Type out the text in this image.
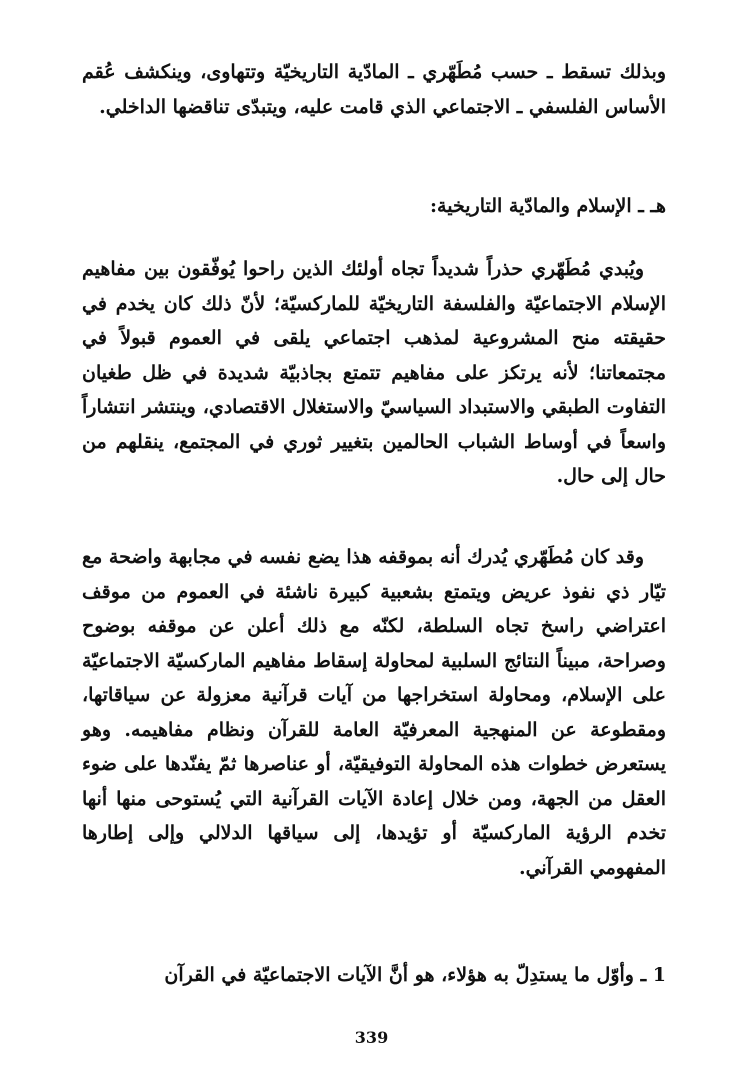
وبذلك تسقط ـ حسب مُطَهّري ـ المادّية التاريخيّة وتتهاوى، وينكشف عُقم الأساس الفلسفي ـ الاجتماعي الذي قامت عليه، ويتبدّى تناقضها الداخلي.

هـ ـ الإسلام والمادّية التاريخية:

ويُبدي مُطَهّري حذراً شديداً تجاه أولئك الذين راحوا يُوفّقون بين مفاهيم الإسلام الاجتماعيّة والفلسفة التاريخيّة للماركسيّة؛ لأنّ ذلك كان يخدم في حقيقته منح المشروعية لمذهب اجتماعي يلقى في العموم قبولاً في مجتمعاتنا؛ لأنه يرتكز على مفاهيم تتمتع بجاذبيّة شديدة في ظل طغيان التفاوت الطبقي والاستبداد السياسيّ والاستغلال الاقتصادي، وينتشر انتشاراً واسعاً في أوساط الشباب الحالمين بتغيير ثوري في المجتمع، ينقلهم من حال إلى حال.

وقد كان مُطَهّري يُدرك أنه بموقفه هذا يضع نفسه في مجابهة واضحة مع تيّار ذي نفوذ عريض ويتمتع بشعبية كبيرة ناشئة في العموم من موقف اعتراضي راسخ تجاه السلطة، لكنّه مع ذلك أعلن عن موقفه بوضوح وصراحة، مبيناً النتائج السلبية لمحاولة إسقاط مفاهيم الماركسيّة الاجتماعيّة على الإسلام، ومحاولة استخراجها من آيات قرآنية معزولة عن سياقاتها، ومقطوعة عن المنهجية المعرفيّة العامة للقرآن ونظام مفاهيمه. وهو يستعرض خطوات هذه المحاولة التوفيقيّة، أو عناصرها ثمّ يفنّدها على ضوء العقل من الجهة، ومن خلال إعادة الآيات القرآنية التي يُستوحى منها أنها تخدم الرؤية الماركسيّة أو تؤيدها، إلى سياقها الدلالي وإلى إطارها المفهومي القرآني.

1 ـ وأوّل ما يستدِلّ به هؤلاء، هو أنَّ الآيات الاجتماعيّة في القرآن

339
